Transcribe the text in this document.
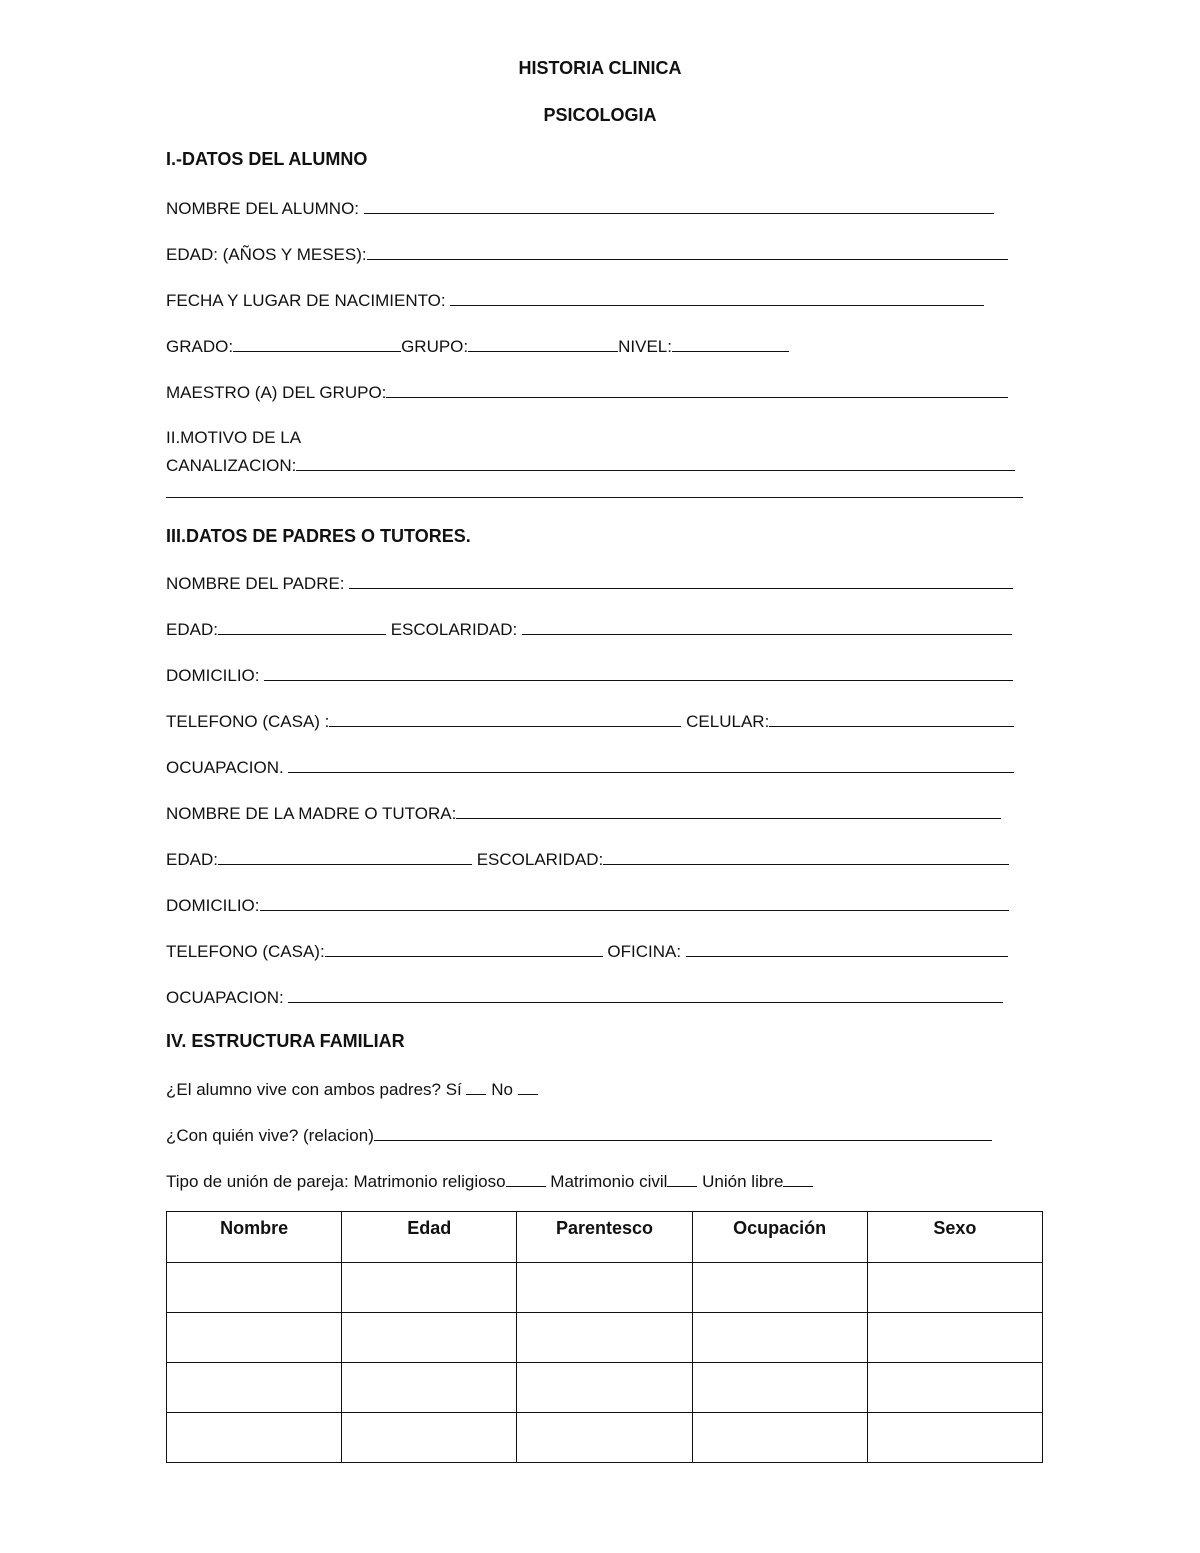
HISTORIA CLINICA
PSICOLOGIA
I.-DATOS DEL ALUMNO
NOMBRE DEL ALUMNO:
EDAD: (AÑOS Y MESES):
FECHA Y LUGAR DE NACIMIENTO:
GRADO:	GRUPO:	NIVEL:
MAESTRO (A) DEL GRUPO:
II.MOTIVO DE LA
CANALIZACION:
III.DATOS DE PADRES O TUTORES.
NOMBRE DEL PADRE:
EDAD:	ESCOLARIDAD:
DOMICILIO:
TELEFONO (CASA) :	CELULAR:
OCUAPACION.
NOMBRE DE LA MADRE O TUTORA:
EDAD:	ESCOLARIDAD:
DOMICILIO:
TELEFONO (CASA):	OFICINA:
OCUAPACION:
IV. ESTRUCTURA FAMILIAR
¿El alumno vive con ambos padres? Sí  No
¿Con quién vive? (relacion)
Tipo de unión de pareja: Matrimonio religioso Matrimonio civil Unión libre
Nombre	Edad	Parentesco	Ocupación	Sexo
